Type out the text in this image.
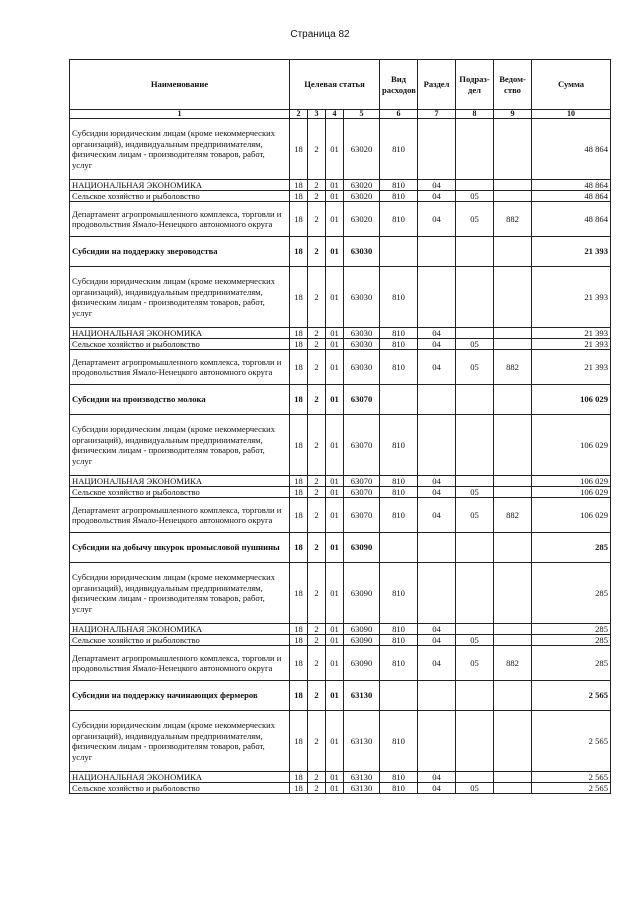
Страница 82
Наименование	Целевая статья				Вид расходов	Раздел	Подраз-дел	Ведом-ство	Сумма
1	2	3	4	5	6	7	8	9	10
Субсидии юридическим лицам (кроме некоммерческих организаций), индивидуальным предпринимателям, физическим лицам - производителям товаров, работ, услуг	18	2	01	63020	810				48 864
НАЦИОНАЛЬНАЯ ЭКОНОМИКА	18	2	01	63020	810	04			48 864
Сельское хозяйство и рыболовство	18	2	01	63020	810	04	05		48 864
Департамент агропромышленного комплекса, торговли и продовольствия Ямало-Ненецкого автономного округа	18	2	01	63020	810	04	05	882	48 864
Субсидии на поддержку звероводства	18	2	01	63030					21 393
Субсидии юридическим лицам (кроме некоммерческих организаций), индивидуальным предпринимателям, физическим лицам - производителям товаров, работ, услуг	18	2	01	63030	810				21 393
НАЦИОНАЛЬНАЯ ЭКОНОМИКА	18	2	01	63030	810	04			21 393
Сельское хозяйство и рыболовство	18	2	01	63030	810	04	05		21 393
Департамент агропромышленного комплекса, торговли и продовольствия Ямало-Ненецкого автономного округа	18	2	01	63030	810	04	05	882	21 393
Субсидии на производство молока	18	2	01	63070					106 029
Субсидии юридическим лицам (кроме некоммерческих организаций), индивидуальным предпринимателям, физическим лицам - производителям товаров, работ, услуг	18	2	01	63070	810				106 029
НАЦИОНАЛЬНАЯ ЭКОНОМИКА	18	2	01	63070	810	04			106 029
Сельское хозяйство и рыболовство	18	2	01	63070	810	04	05		106 029
Департамент агропромышленного комплекса, торговли и продовольствия Ямало-Ненецкого автономного округа	18	2	01	63070	810	04	05	882	106 029
Субсидии на добычу шкурок промысловой пушнины	18	2	01	63090					285
Субсидии юридическим лицам (кроме некоммерческих организаций), индивидуальным предпринимателям, физическим лицам - производителям товаров, работ, услуг	18	2	01	63090	810				285
НАЦИОНАЛЬНАЯ ЭКОНОМИКА	18	2	01	63090	810	04			285
Сельское хозяйство и рыболовство	18	2	01	63090	810	04	05		285
Департамент агропромышленного комплекса, торговли и продовольствия Ямало-Ненецкого автономного округа	18	2	01	63090	810	04	05	882	285
Субсидии на поддержку начинающих фермеров	18	2	01	63130					2 565
Субсидии юридическим лицам (кроме некоммерческих организаций), индивидуальным предпринимателям, физическим лицам - производителям товаров, работ, услуг	18	2	01	63130	810				2 565
НАЦИОНАЛЬНАЯ ЭКОНОМИКА	18	2	01	63130	810	04			2 565
Сельское хозяйство и рыболовство	18	2	01	63130	810	04	05		2 565
